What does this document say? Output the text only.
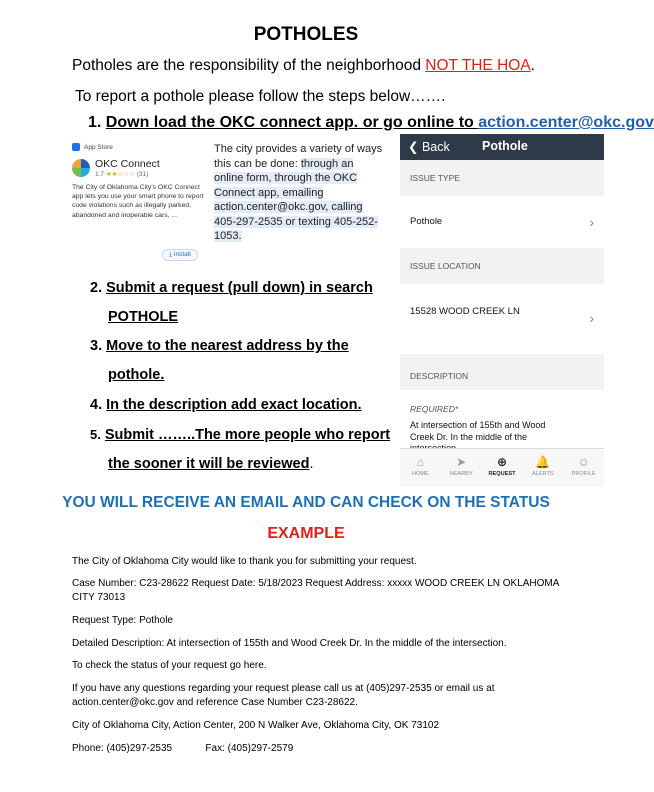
POTHOLES
Potholes are the responsibility of the neighborhood NOT THE HOA.
To report a pothole please follow the steps below…….
1. Down load the OKC connect app. or go online to action.center@okc.gov
App Store
OKC Connect
1.7 ★★☆☆☆ (31)
The City of Oklahoma City's OKC Connect app lets you use your smart phone to report code violations such as illegally parked, abandoned and inoperable cars, ...
⤓ Install
The city provides a variety of ways this can be done: through an online form, through the OKC Connect app, emailing action.center@okc.gov, calling 405-297-2535 or texting 405-252-1053.
❮ Back	Pothole
ISSUE TYPE
Pothole	›
ISSUE LOCATION
15528 WOOD CREEK LN	›
DESCRIPTION
REQUIRED*
At intersection of 155th and Wood Creek Dr. In the middle of the
⌂
HOME
➤
NEARBY
⊕
REQUEST
🔔
ALERTS
☺
PROFILE
2. Submit a request (pull down) in search
POTHOLE
3. Move to the nearest address by the
pothole.
4. In the description add exact location.
5. Submit ……..The more people who report
the sooner it will be reviewed.
YOU WILL RECEIVE AN EMAIL AND CAN CHECK ON THE STATUS
EXAMPLE
The City of Oklahoma City would like to thank you for submitting your request.
Case Number: C23-28622 Request Date: 5/18/2023 Request Address: xxxxx WOOD CREEK LN OKLAHOMA CITY 73013
Request Type: Pothole
Detailed Description: At intersection of 155th and Wood Creek Dr. In the middle of the intersection.
To check the status of your request go here.
If you have any questions regarding your request please call us at (405)297-2535 or email us at action.center@okc.gov and reference Case Number C23-28622.
City of Oklahoma City, Action Center, 200 N Walker Ave, Oklahoma City, OK 73102
Phone: (405)297-2535            Fax: (405)297-2579
